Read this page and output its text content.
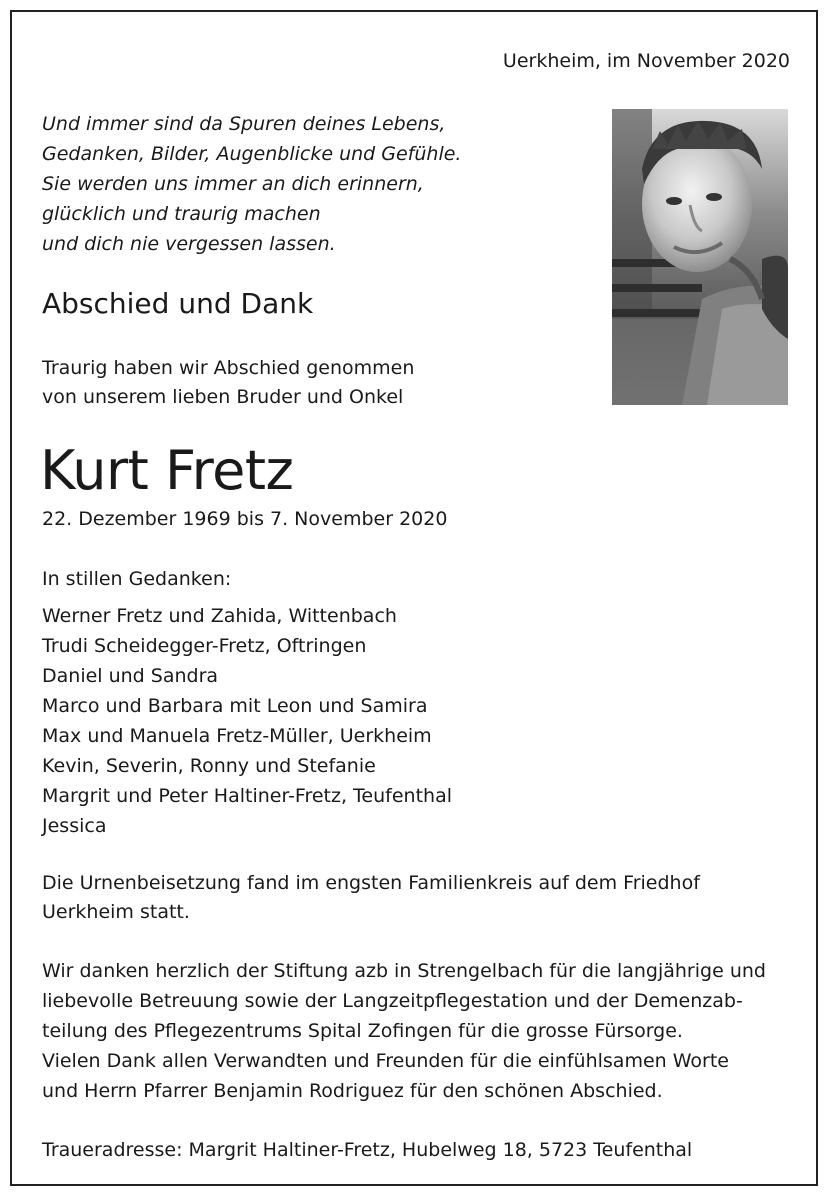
Uerkheim, im November 2020

Und immer sind da Spuren deines Lebens,
Gedanken, Bilder, Augenblicke und Gefühle.
Sie werden uns immer an dich erinnern,
glücklich und traurig machen
und dich nie vergessen lassen.
Abschied und Dank
Traurig haben wir Abschied genommen
von unserem lieben Bruder und Onkel
Kurt Fretz

22. Dezember 1969 bis 7. November 2020

In stillen Gedanken:

Werner Fretz und Zahida, Wittenbach
Trudi Scheidegger-Fretz, Oftringen
Daniel und Sandra
Marco und Barbara mit Leon und Samira
Max und Manuela Fretz-Müller, Uerkheim
Kevin, Severin, Ronny und Stefanie
Margrit und Peter Haltiner-Fretz, Teufenthal
Jessica
Die Urnenbeisetzung fand im engsten Familienkreis auf dem Friedhof
Uerkheim statt.
Wir danken herzlich der Stiftung azb in Strengelbach für die langjährige und
liebevolle Betreuung sowie der Langzeitpflegestation und der Demenzab-
teilung des Pflegezentrums Spital Zofingen für die grosse Fürsorge.
Vielen Dank allen Verwandten und Freunden für die einfühlsamen Worte
und Herrn Pfarrer Benjamin Rodriguez für den schönen Abschied.

Traueradresse: Margrit Haltiner-Fretz, Hubelweg 18, 5723 Teufenthal
